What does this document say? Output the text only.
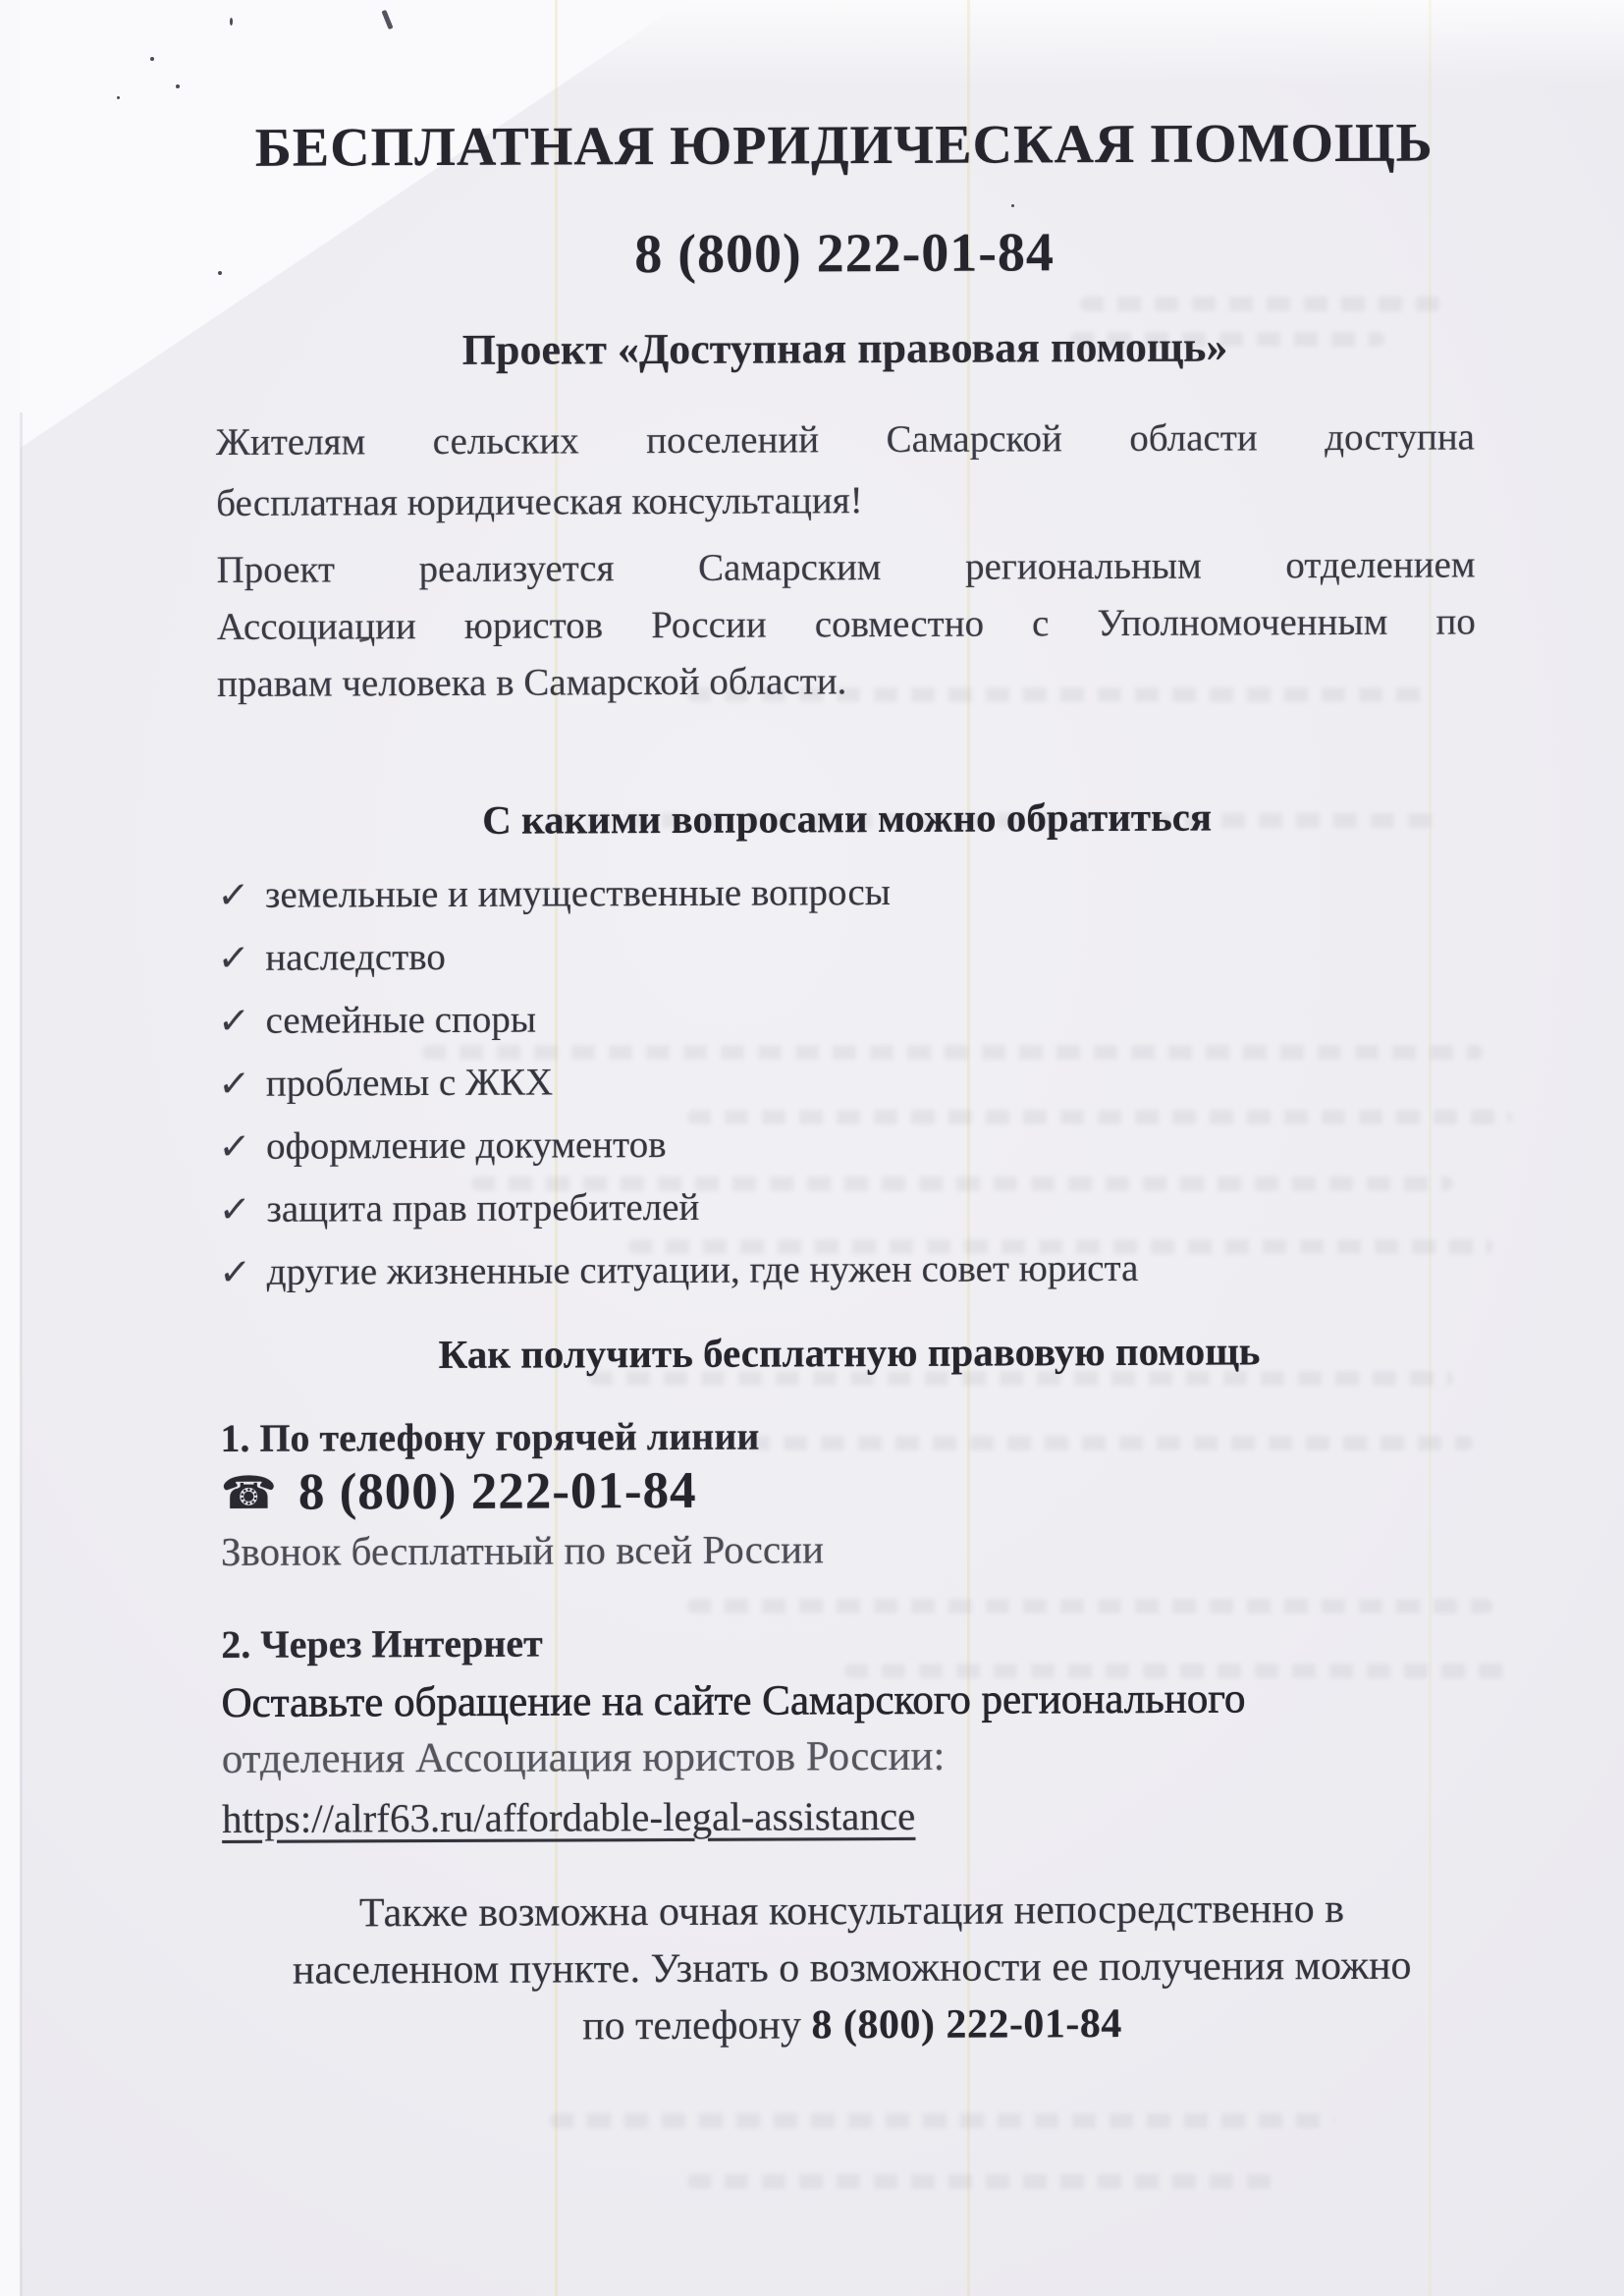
БЕСПЛАТНАЯ ЮРИДИЧЕСКАЯ ПОМОЩЬ
8 (800) 222-01-84
Проект «Доступная правовая помощь»
Жителям сельских поселений Самарской области доступна
бесплатная юридическая консультация!
Проект реализуется Самарским региональным отделением
Ассоциации юристов России совместно с Уполномоченным по
правам человека в Самарской области.
С какими вопросами можно обратиться
✓ земельные и имущественные вопросы
✓ наследство
✓ семейные споры
✓ проблемы с ЖКХ
✓ оформление документов
✓ защита прав потребителей
✓ другие жизненные ситуации, где нужен совет юриста
Как получить бесплатную правовую помощь
1. По телефону горячей линии
☎ 8 (800) 222-01-84
Звонок бесплатный по всей России
2. Через Интернет
Оставьте обращение на сайте Самарского регионального
отделения Ассоциация юристов России:
https://alrf63.ru/affordable-legal-assistance
Также возможна очная консультация непосредственно в
населенном пункте. Узнать о возможности ее получения можно
по телефону 8 (800) 222-01-84
